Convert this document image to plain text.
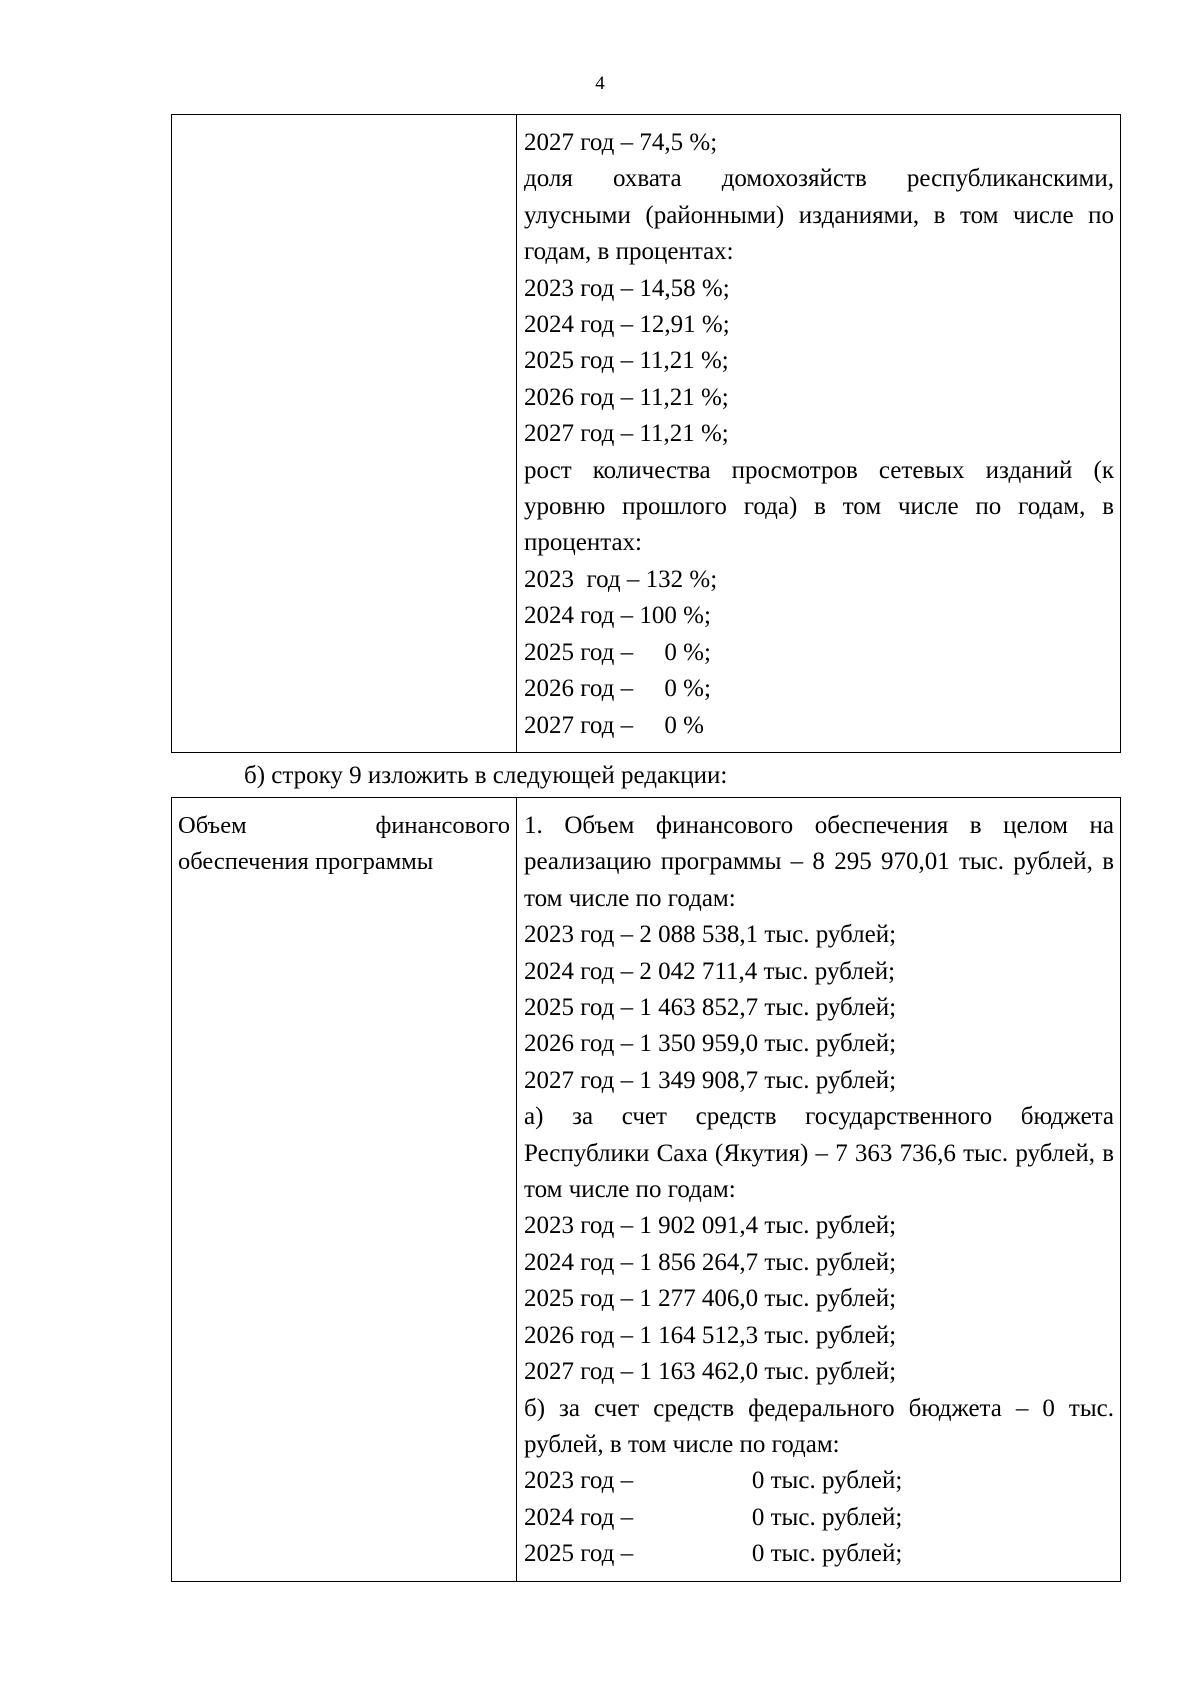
4

2027 год – 74,5 %;
доля охвата домохозяйств республиканскими, улусными (районными) изданиями, в том числе по годам, в процентах:
2023 год – 14,58 %;
2024 год – 12,91 %;
2025 год – 11,21 %;
2026 год – 11,21 %;
2027 год – 11,21 %;
рост количества просмотров сетевых изданий (к уровню прошлого года) в том числе по годам, в процентах:
2023  год – 132 %;
2024 год – 100 %;
2025 год –     0 %;
2026 год –     0 %;
2027 год –     0 %
б) строку 9 изложить в следующей редакции:
Объем финансового обеспечения программы

1. Объем финансового обеспечения в целом на реализацию программы – 8 295 970,01 тыс. рублей, в том числе по годам:
2023 год – 2 088 538,1 тыс. рублей;
2024 год – 2 042 711,4 тыс. рублей;
2025 год – 1 463 852,7 тыс. рублей;
2026 год – 1 350 959,0 тыс. рублей;
2027 год – 1 349 908,7 тыс. рублей;
а) за счет средств государственного бюджета Республики Саха (Якутия) – 7 363 736,6 тыс. рублей, в том числе по годам:
2023 год – 1 902 091,4 тыс. рублей;
2024 год – 1 856 264,7 тыс. рублей;
2025 год – 1 277 406,0 тыс. рублей;
2026 год – 1 164 512,3 тыс. рублей;
2027 год – 1 163 462,0 тыс. рублей;
б) за счет средств федерального бюджета – 0 тыс. рублей, в том числе по годам:
2023 год –                   0 тыс. рублей;
2024 год –                   0 тыс. рублей;
2025 год –                   0 тыс. рублей;
